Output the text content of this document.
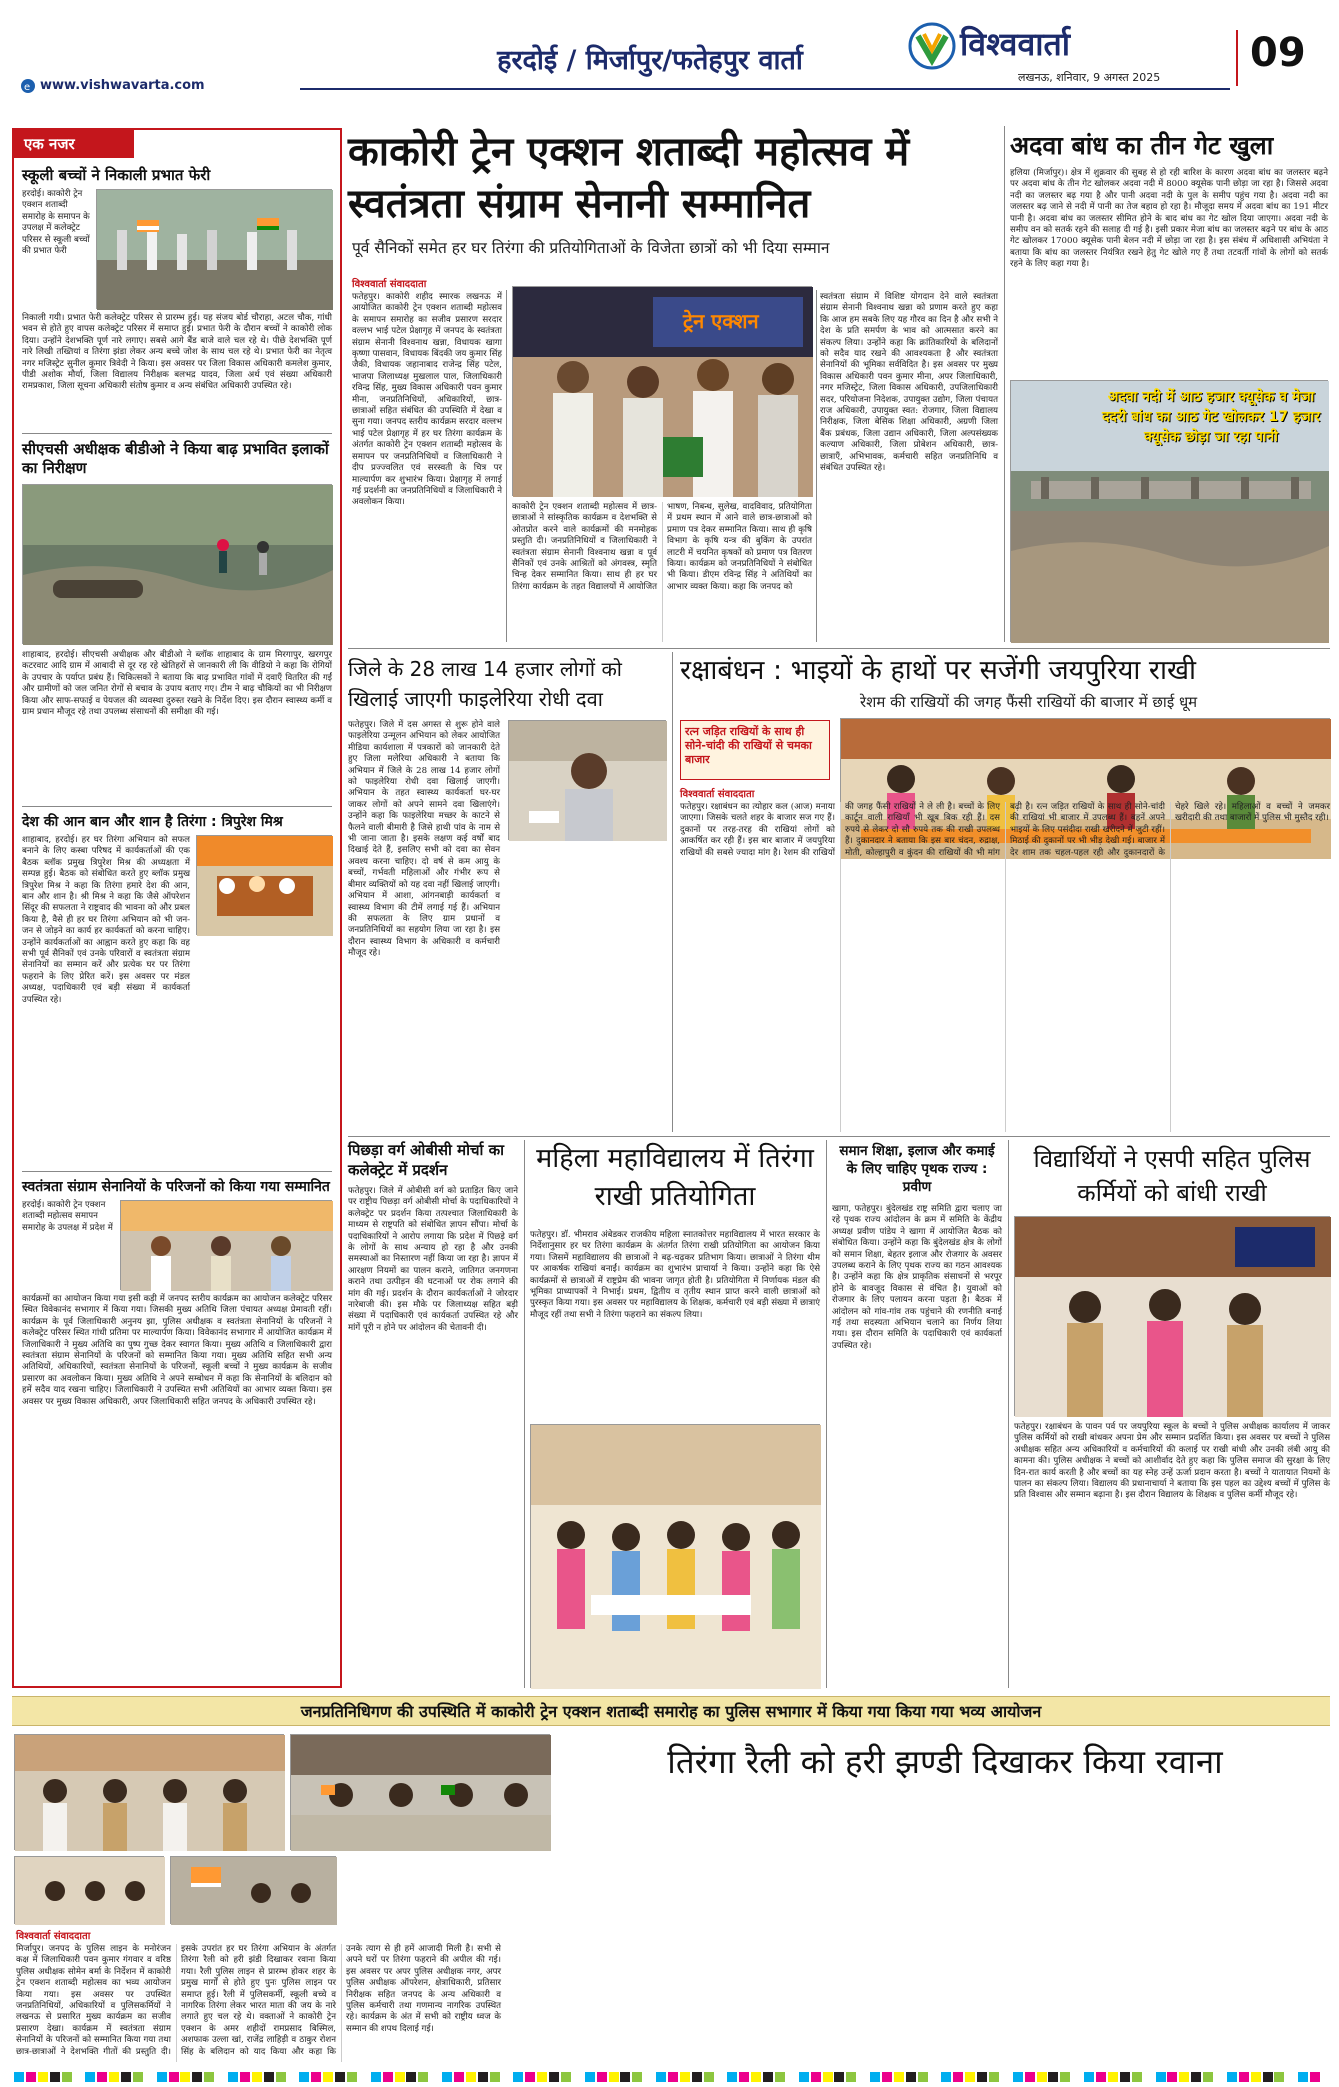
हरदोई / मिर्जापुर/फतेहपुर वार्ता	विश्ववार्ता
लखनऊ, शनिवार, 9 अगस्त 2025
09
e www.vishwavarta.com
एक नजर
स्कूली बच्चों ने निकाली प्रभात फेरी
हरदोई। काकोरी ट्रेन एक्शन शताब्दी समारोह के समापन के उपलक्ष में कलेक्ट्रेट परिसर से स्कूली बच्चों की प्रभात फेरी
निकाली गयी। प्रभात फेरी कलेक्ट्रेट परिसर से प्रारम्भ हुई। यह संजय बोर्ड चौराहा, अटल चौक, गांधी भवन से होते हुए वापस कलेक्ट्रेट परिसर में समाप्त हुई। प्रभात फेरी के दौरान बच्चों ने काकोरी लोक दिया। उन्होंने देशभक्ति पूर्ण नारे लगाए। सबसे आगे बैंड बाजे वाले चल रहे थे। पीछे देशभक्ति पूर्ण नारे लिखी तख्तियां व तिरंगा झंडा लेकर अन्य बच्चे जोश के साथ चल रहे थे। प्रभात फेरी का नेतृत्व नगर मजिस्ट्रेट सुनील कुमार त्रिवेदी ने किया। इस अवसर पर जिला विकास अधिकारी कमलेश कुमार, पीडी अशोक मौर्या, जिला विद्यालय निरीक्षक बलभद्र यादव, जिला अर्थ एवं संख्या अधिकारी रामप्रकाश, जिला सूचना अधिकारी संतोष कुमार व अन्य संबंधित अधिकारी उपस्थित रहे।
सीएचसी अधीक्षक बीडीओ ने किया बाढ़ प्रभावित इलाकों का निरीक्षण
शाहाबाद, हरदोई। सीएचसी अधीक्षक और बीडीओ ने ब्लॉक शाहाबाद के ग्राम मिरगापुर, खरगपुर कटरवाट आदि ग्राम में आबादी से दूर रह रहे खेतिहरों से जानकारी ली कि वीडियो ने कहा कि रोगियों के उपचार के पर्याप्त प्रबंध हैं। चिकित्सकों ने बताया कि बाढ़ प्रभावित गांवों में दवाएँ वितरित की गईं और ग्रामीणों को जल जनित रोगों से बचाव के उपाय बताए गए। टीम ने बाढ़ चौकियों का भी निरीक्षण किया और साफ-सफाई व पेयजल की व्यवस्था दुरुस्त रखने के निर्देश दिए। इस दौरान स्वास्थ्य कर्मी व ग्राम प्रधान मौजूद रहे तथा उपलब्ध संसाधनों की समीक्षा की गई।
देश की आन बान और शान है तिरंगा : त्रिपुरेश मिश्र
शाहाबाद, हरदोई। हर घर तिरंगा अभियान को सफल बनाने के लिए कस्बा परिषद में कार्यकर्ताओं की एक बैठक ब्लॉक प्रमुख त्रिपुरेश मिश्र की अध्यक्षता में सम्पन्न हुई। बैठक को संबोधित करते हुए ब्लॉक प्रमुख त्रिपुरेश मिश्र ने कहा कि तिरंगा हमारे देश की आन, बान और शान है। श्री मिश्र ने कहा कि जैसे ऑपरेशन सिंदूर की सफलता ने राष्ट्रवाद की भावना को और प्रबल किया है, वैसे ही हर घर तिरंगा अभियान को भी जन-जन से जोड़ने का कार्य हर कार्यकर्ता को करना चाहिए। उन्होंने कार्यकर्ताओं का आह्वान करते हुए कहा कि वह सभी पूर्व सैनिकों एवं उनके परिवारों व स्वतंत्रता संग्राम सेनानियों का सम्मान करें और प्रत्येक घर पर तिरंगा फहराने के लिए प्रेरित करें। इस अवसर पर मंडल अध्यक्ष, पदाधिकारी एवं बड़ी संख्या में कार्यकर्ता उपस्थित रहे।
स्वतंत्रता संग्राम सेनानियों के परिजनों को किया गया सम्मानित
हरदोई। काकोरी ट्रेन एक्शन शताब्दी महोत्सव समापन समारोह के उपलक्ष में प्रदेश में
कार्यक्रमों का आयोजन किया गया इसी कड़ी में जनपद स्तरीय कार्यक्रम का आयोजन कलेक्ट्रेट परिसर स्थित विवेकानंद सभागार में किया गया। जिसकी मुख्य अतिथि जिला पंचायत अध्यक्ष प्रेमावती रहीं। कार्यक्रम के पूर्व जिलाधिकारी अनुनय झा, पुलिस अधीक्षक व स्वतंत्रता सेनानियों के परिजनों ने कलेक्ट्रेट परिसर स्थित गांधी प्रतिमा पर माल्यार्पण किया। विवेकानंद सभागार में आयोजित कार्यक्रम में जिलाधिकारी ने मुख्य अतिथि का पुष्प गुच्छ देकर स्वागत किया। मुख्य अतिथि व जिलाधिकारी द्वारा स्वतंत्रता संग्राम सेनानियों के परिजनों को सम्मानित किया गया। मुख्य अतिथि सहित सभी अन्य अतिथियों, अधिकारियों, स्वतंत्रता सेनानियों के परिजनों, स्कूली बच्चों ने मुख्य कार्यक्रम के सजीव प्रसारण का अवलोकन किया। मुख्य अतिथि ने अपने सम्बोधन में कहा कि सेनानियों के बलिदान को हमें सदैव याद रखना चाहिए। जिलाधिकारी ने उपस्थित सभी अतिथियों का आभार व्यक्त किया। इस अवसर पर मुख्य विकास अधिकारी, अपर जिलाधिकारी सहित जनपद के अधिकारी उपस्थित रहे।
काकोरी ट्रेन एक्शन शताब्दी महोत्सव में स्वतंत्रता संग्राम सेनानी सम्मानित
पूर्व सैनिकों समेत हर घर तिरंगा की प्रतियोगिताओं के विजेता छात्रों को भी दिया सम्मान
विश्ववार्ता संवाददाता
फतेहपुर। काकोरी शहीद स्मारक लखनऊ में आयोजित काकोरी ट्रेन एक्शन शताब्दी महोत्सव के समापन समारोह का सजीव प्रसारण सरदार वल्लभ भाई पटेल प्रेक्षागृह में जनपद के स्वतंत्रता संग्राम सेनानी विश्वनाथ खन्ना, विधायक खागा कृष्णा पासवान, विधायक बिंदकी जय कुमार सिंह जैकी, विधायक जहानाबाद राजेन्द्र सिंह पटेल, भाजपा जिलाध्यक्ष मुखलाल पाल, जिलाधिकारी रविन्द्र सिंह, मुख्य विकास अधिकारी पवन कुमार मीना, जनप्रतिनिधियों, अधिकारियों, छात्र-छात्राओं सहित संबंधित की उपस्थिति में देखा व सुना गया। जनपद स्तरीय कार्यक्रम सरदार वल्लभ भाई पटेल प्रेक्षागृह में हर घर तिरंगा कार्यक्रम के अंतर्गत काकोरी ट्रेन एक्शन शताब्दी महोत्सव के समापन पर जनप्रतिनिधियों व जिलाधिकारी ने दीप प्रज्ज्वलित एवं सरस्वती के चित्र पर माल्यार्पण कर शुभारंभ किया। प्रेक्षागृह में लगाई गई प्रदर्शनी का जनप्रतिनिधियों व जिलाधिकारी ने अवलोकन किया।
ट्रेन एक्शन
काकोरी ट्रेन एक्शन शताब्दी महोत्सव में छात्र-छात्राओं ने सांस्कृतिक कार्यक्रम व देशभक्ति से ओतप्रोत करने वाले कार्यक्रमों की मनमोहक प्रस्तुति दी। जनप्रतिनिधियों व जिलाधिकारी ने स्वतंत्रता संग्राम सेनानी विश्वनाथ खन्ना व पूर्व सैनिकों एवं उनके आश्रितों को अंगवस्त्र, स्मृति चिन्ह देकर सम्मानित किया। साथ ही हर घर तिरंगा कार्यक्रम के तहत विद्यालयों में आयोजित भाषण, निबन्ध, सुलेख, वादविवाद, प्रतियोगिता में प्रथम स्थान में आने वाले छात्र-छात्राओं को प्रमाण पत्र देकर सम्मानित किया। साथ ही कृषि विभाग के कृषि यन्त्र की बुकिंग के उपरांत लाटरी में चयनित कृषकों को प्रमाण पत्र वितरण किया। कार्यक्रम को जनप्रतिनिधियों ने संबोधित भी किया। डीएम रविन्द्र सिंह ने अतिथियों का आभार व्यक्त किया। कहा कि जनपद को
स्वतंत्रता संग्राम में विशिष्ट योगदान देने वाले स्वतंत्रता संग्राम सेनानी विश्वनाथ खन्ना को प्रणाम करते हुए कहा कि आज हम सबके लिए यह गौरव का दिन है और सभी ने देश के प्रति समर्पण के भाव को आत्मसात करने का संकल्प लिया। उन्होंने कहा कि क्रांतिकारियों के बलिदानों को सदैव याद रखने की आवश्यकता है और स्वतंत्रता सेनानियों की भूमिका सर्वविदित है। इस अवसर पर मुख्य विकास अधिकारी पवन कुमार मीना, अपर जिलाधिकारी, नगर मजिस्ट्रेट, जिला विकास अधिकारी, उपजिलाधिकारी सदर, परियोजना निदेशक, उपायुक्त उद्योग, जिला पंचायत राज अधिकारी, उपायुक्त स्वत: रोजगार, जिला विद्यालय निरीक्षक, जिला बेसिक शिक्षा अधिकारी, अग्रणी जिला बैंक प्रबंधक, जिला उद्यान अधिकारी, जिला अल्पसंख्यक कल्याण अधिकारी, जिला प्रोबेशन अधिकारी, छात्र-छात्राएँ, अभिभावक, कर्मचारी सहित जनप्रतिनिधि व संबंधित उपस्थित रहे।
अदवा बांध का तीन गेट खुला
हलिया (मिर्जापुर)। क्षेत्र में शुक्रवार की सुबह से हो रही बारिश के कारण अदवा बांध का जलस्तर बढ़ने पर अदवा बांध के तीन गेट खोलकर अदवा नदी में 8000 क्यूसेक पानी छोड़ा जा रहा है। जिससे अदवा नदी का जलस्तर बढ़ गया है और पानी अदवा नदी के पुल के समीप पहुंच गया है। अदवा नदी का जलस्तर बढ़ जाने से नदी में पानी का तेज बहाव हो रहा है। मौजूदा समय में अदवा बांध का 191 मीटर पानी है। अदवा बांध का जलस्तर सीमित होने के बाद बांध का गेट खोल दिया जाएगा। अदवा नदी के समीप वन को सतर्क रहने की सलाह दी गई है। इसी प्रकार मेजा बांध का जलस्तर बढ़ने पर बांध के आठ गेट खोलकर 17000 क्यूसेक पानी बेलन नदी में छोड़ा जा रहा है। इस संबंध में अधिशासी अभियंता ने बताया कि बांध का जलस्तर नियंत्रित रखने हेतु गेट खोले गए हैं तथा तटवर्ती गांवों के लोगों को सतर्क रहने के लिए कहा गया है।
अदवा नदी में आठ हजार क्यूसेक व मेजा ददरी बांध का आठ गेट खोलकर 17 हजार क्यूसेक छोड़ा जा रहा पानी
जिले के 28 लाख 14 हजार लोगों को खिलाई जाएगी फाइलेरिया रोधी दवा
फतेहपुर। जिले में दस अगस्त से शुरू होने वाले फाइलेरिया उन्मूलन अभियान को लेकर आयोजित मीडिया कार्यशाला में पत्रकारों को जानकारी देते हुए जिला मलेरिया अधिकारी ने बताया कि अभियान में जिले के 28 लाख 14 हजार लोगों को फाइलेरिया रोधी दवा खिलाई जाएगी। अभियान के तहत स्वास्थ्य कार्यकर्ता घर-घर जाकर लोगों को अपने सामने दवा खिलाएंगे। उन्होंने कहा कि फाइलेरिया मच्छर के काटने से फैलने वाली बीमारी है जिसे हाथी पांव के नाम से भी जाना जाता है। इसके लक्षण कई वर्षों बाद दिखाई देते हैं, इसलिए सभी को दवा का सेवन अवश्य करना चाहिए। दो वर्ष से कम आयु के बच्चों, गर्भवती महिलाओं और गंभीर रूप से बीमार व्यक्तियों को यह दवा नहीं खिलाई जाएगी। अभियान में आशा, आंगनबाड़ी कार्यकर्ता व स्वास्थ्य विभाग की टीमें लगाई गई हैं। अभियान की सफलता के लिए ग्राम प्रधानों व जनप्रतिनिधियों का सहयोग लिया जा रहा है। इस दौरान स्वास्थ्य विभाग के अधिकारी व कर्मचारी मौजूद रहे।
रक्षाबंधन : भाइयों के हाथों पर सजेंगी जयपुरिया राखी
रेशम की राखियों की जगह फैंसी राखियों की बाजार में छाई धूम
रत्न जड़ित राखियों के साथ ही सोने-चांदी की राखियों से चमका बाजार
विश्ववार्ता संवाददाता
फतेहपुर। रक्षाबंधन का त्योहार कल (आज) मनाया जाएगा। जिसके चलते शहर के बाजार सज गए हैं। दुकानों पर तरह-तरह की राखियां लोगों को आकर्षित कर रही हैं। इस बार बाजार में जयपुरिया राखियों की सबसे ज्यादा मांग है। रेशम की राखियों की जगह फैंसी राखियों ने ले ली है। बच्चों के लिए कार्टून वाली राखियाँ भी खूब बिक रही हैं। दस रुपये से लेकर दो सौ रुपये तक की राखी उपलब्ध हैं। दुकानदार ने बताया कि इस बार चंदन, रुद्राक्ष, मोती, कोल्हापुरी व कुंदन की राखियों की भी मांग बढ़ी है। रत्न जड़ित राखियों के साथ ही सोने-चांदी की राखियां भी बाजार में उपलब्ध हैं। बहनें अपने भाइयों के लिए पसंदीदा राखी खरीदने में जुटी रहीं। मिठाई की दुकानों पर भी भीड़ देखी गई। बाजार में देर शाम तक चहल-पहल रही और दुकानदारों के चेहरे खिले रहे। महिलाओं व बच्चों ने जमकर खरीदारी की तथा बाजारों में पुलिस भी मुस्तैद रही।
पिछड़ा वर्ग ओबीसी मोर्चा का कलेक्ट्रेट में प्रदर्शन
फतेहपुर। जिले में ओबीसी वर्ग को प्रताड़ित किए जाने पर राष्ट्रीय पिछड़ा वर्ग ओबीसी मोर्चा के पदाधिकारियों ने कलेक्ट्रेट पर प्रदर्शन किया तत्पश्चात जिलाधिकारी के माध्यम से राष्ट्रपति को संबोधित ज्ञापन सौंपा। मोर्चा के पदाधिकारियों ने आरोप लगाया कि प्रदेश में पिछड़े वर्ग के लोगों के साथ अन्याय हो रहा है और उनकी समस्याओं का निस्तारण नहीं किया जा रहा है। ज्ञापन में आरक्षण नियमों का पालन कराने, जातिगत जनगणना कराने तथा उत्पीड़न की घटनाओं पर रोक लगाने की मांग की गई। प्रदर्शन के दौरान कार्यकर्ताओं ने जोरदार नारेबाजी की। इस मौके पर जिलाध्यक्ष सहित बड़ी संख्या में पदाधिकारी एवं कार्यकर्ता उपस्थित रहे और मांगें पूरी न होने पर आंदोलन की चेतावनी दी।
महिला महाविद्यालय में तिरंगा राखी प्रतियोगिता
फतेहपुर। डॉ. भीमराव अंबेडकर राजकीय महिला स्नातकोत्तर महाविद्यालय में भारत सरकार के निर्देशानुसार हर घर तिरंगा कार्यक्रम के अंतर्गत तिरंगा राखी प्रतियोगिता का आयोजन किया गया। जिसमें महाविद्यालय की छात्राओं ने बढ़-चढ़कर प्रतिभाग किया। छात्राओं ने तिरंगा थीम पर आकर्षक राखियां बनाईं। कार्यक्रम का शुभारंभ प्राचार्या ने किया। उन्होंने कहा कि ऐसे कार्यक्रमों से छात्राओं में राष्ट्रप्रेम की भावना जागृत होती है। प्रतियोगिता में निर्णायक मंडल की भूमिका प्राध्यापकों ने निभाई। प्रथम, द्वितीय व तृतीय स्थान प्राप्त करने वाली छात्राओं को पुरस्कृत किया गया। इस अवसर पर महाविद्यालय के शिक्षक, कर्मचारी एवं बड़ी संख्या में छात्राएं मौजूद रहीं तथा सभी ने तिरंगा फहराने का संकल्प लिया।
समान शिक्षा, इलाज और कमाई के लिए चाहिए पृथक राज्य : प्रवीण
खागा, फतेहपुर। बुंदेलखंड राष्ट्र समिति द्वारा चलाए जा रहे पृथक राज्य आंदोलन के क्रम में समिति के केंद्रीय अध्यक्ष प्रवीण पांडेय ने खागा में आयोजित बैठक को संबोधित किया। उन्होंने कहा कि बुंदेलखंड क्षेत्र के लोगों को समान शिक्षा, बेहतर इलाज और रोजगार के अवसर उपलब्ध कराने के लिए पृथक राज्य का गठन आवश्यक है। उन्होंने कहा कि क्षेत्र प्राकृतिक संसाधनों से भरपूर होने के बावजूद विकास से वंचित है। युवाओं को रोजगार के लिए पलायन करना पड़ता है। बैठक में आंदोलन को गांव-गांव तक पहुंचाने की रणनीति बनाई गई तथा सदस्यता अभियान चलाने का निर्णय लिया गया। इस दौरान समिति के पदाधिकारी एवं कार्यकर्ता उपस्थित रहे।
विद्यार्थियों ने एसपी सहित पुलिस कर्मियों को बांधी राखी
फतेहपुर। रक्षाबंधन के पावन पर्व पर जयपुरिया स्कूल के बच्चों ने पुलिस अधीक्षक कार्यालय में जाकर पुलिस कर्मियों को राखी बांधकर अपना प्रेम और सम्मान प्रदर्शित किया। इस अवसर पर बच्चों ने पुलिस अधीक्षक सहित अन्य अधिकारियों व कर्मचारियों की कलाई पर राखी बांधी और उनकी लंबी आयु की कामना की। पुलिस अधीक्षक ने बच्चों को आशीर्वाद देते हुए कहा कि पुलिस समाज की सुरक्षा के लिए दिन-रात कार्य करती है और बच्चों का यह स्नेह उन्हें ऊर्जा प्रदान करता है। बच्चों ने यातायात नियमों के पालन का संकल्प लिया। विद्यालय की प्रधानाचार्या ने बताया कि इस पहल का उद्देश्य बच्चों में पुलिस के प्रति विश्वास और सम्मान बढ़ाना है। इस दौरान विद्यालय के शिक्षक व पुलिस कर्मी मौजूद रहे।
जनप्रतिनिधिगण की उपस्थिति में काकोरी ट्रेन एक्शन शताब्दी समारोह का पुलिस सभागार में किया गया किया गया भव्य आयोजन
तिरंगा रैली को हरी झण्डी दिखाकर किया रवाना
विश्ववार्ता संवाददाता
मिर्जापुर। जनपद के पुलिस लाइन के मनोरंजन कक्ष में जिलाधिकारी पवन कुमार गंगवार व वरिष्ठ पुलिस अधीक्षक सोमेन बर्मा के निर्देशन में काकोरी ट्रेन एक्शन शताब्दी महोत्सव का भव्य आयोजन किया गया। इस अवसर पर उपस्थित जनप्रतिनिधियों, अधिकारियों व पुलिसकर्मियों ने लखनऊ से प्रसारित मुख्य कार्यक्रम का सजीव प्रसारण देखा। कार्यक्रम में स्वतंत्रता संग्राम सेनानियों के परिजनों को सम्मानित किया गया तथा छात्र-छात्राओं ने देशभक्ति गीतों की प्रस्तुति दी। इसके उपरांत हर घर तिरंगा अभियान के अंतर्गत तिरंगा रैली को हरी झंडी दिखाकर रवाना किया गया। रैली पुलिस लाइन से प्रारम्भ होकर शहर के प्रमुख मार्गों से होते हुए पुनः पुलिस लाइन पर समाप्त हुई। रैली में पुलिसकर्मी, स्कूली बच्चे व नागरिक तिरंगा लेकर भारत माता की जय के नारे लगाते हुए चल रहे थे। वक्ताओं ने काकोरी ट्रेन एक्शन के अमर शहीदों रामप्रसाद बिस्मिल, अशफाक उल्ला खां, राजेंद्र लाहिड़ी व ठाकुर रोशन सिंह के बलिदान को याद किया और कहा कि उनके त्याग से ही हमें आजादी मिली है। सभी से अपने घरों पर तिरंगा फहराने की अपील की गई। इस अवसर पर अपर पुलिस अधीक्षक नगर, अपर पुलिस अधीक्षक ऑपरेशन, क्षेत्राधिकारी, प्रतिसार निरीक्षक सहित जनपद के अन्य अधिकारी व पुलिस कर्मचारी तथा गणमान्य नागरिक उपस्थित रहे। कार्यक्रम के अंत में सभी को राष्ट्रीय ध्वज के सम्मान की शपथ दिलाई गई।
